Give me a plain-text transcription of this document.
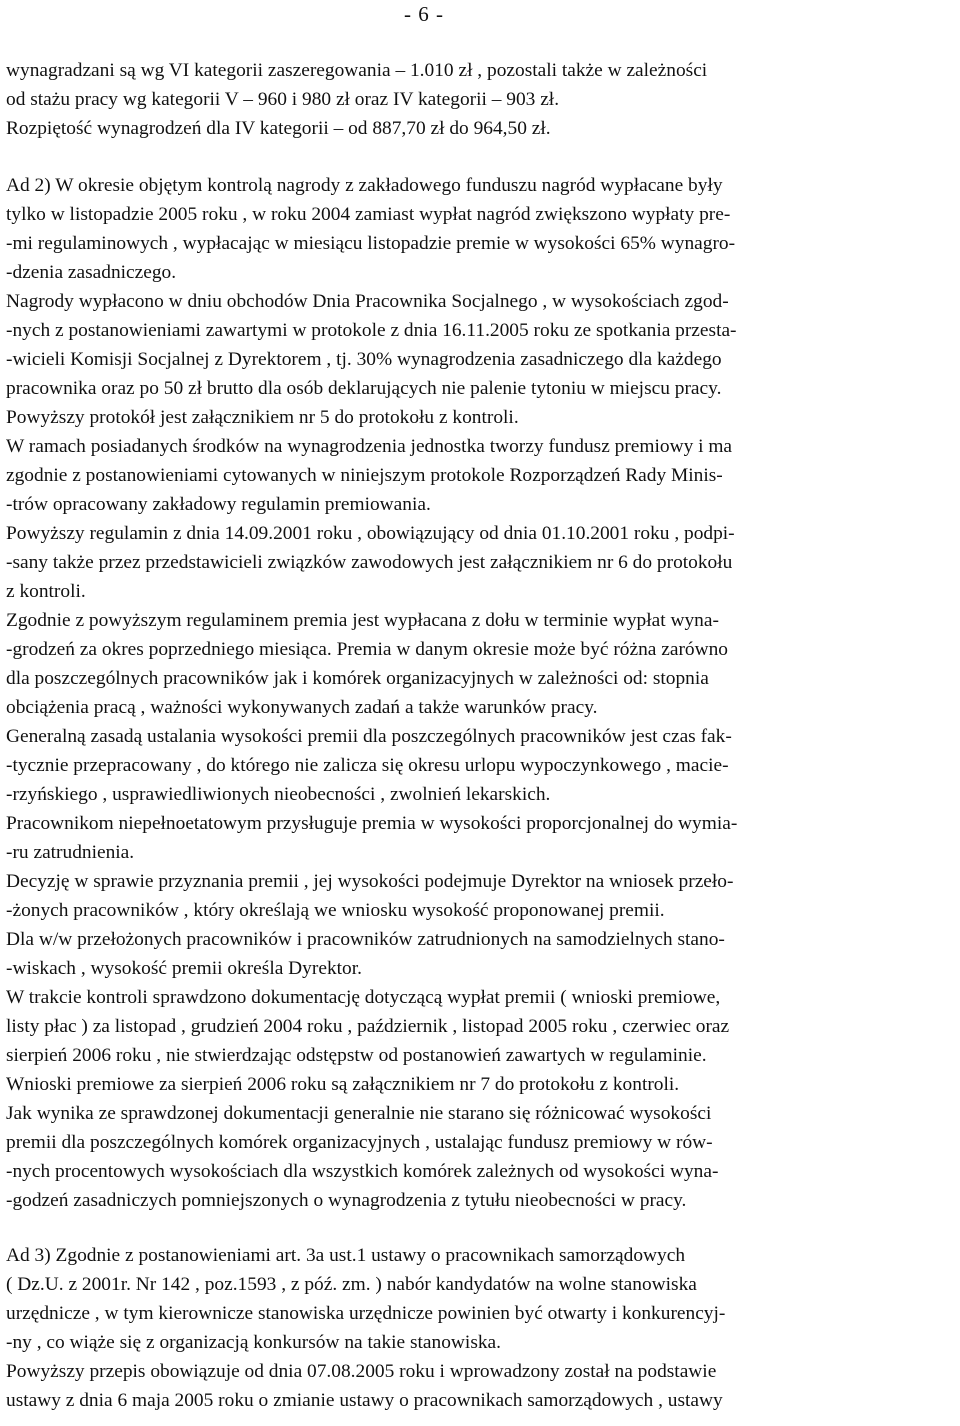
- 6 -
wynagradzani są wg VI kategorii zaszeregowania – 1.010 zł , pozostali także w zależności
od stażu pracy wg kategorii V – 960 i 980 zł oraz IV kategorii – 903 zł.
Rozpiętość wynagrodzeń dla IV kategorii – od 887,70 zł do 964,50 zł.
Ad 2) W okresie objętym kontrolą nagrody z zakładowego funduszu nagród wypłacane były
tylko w listopadzie 2005 roku , w roku 2004 zamiast wypłat nagród zwiększono wypłaty pre-
-mi regulaminowych , wypłacając w miesiącu listopadzie premie w wysokości 65% wynagro-
-dzenia zasadniczego.
Nagrody wypłacono w dniu obchodów Dnia Pracownika Socjalnego , w wysokościach zgod-
-nych z postanowieniami zawartymi w protokole z dnia 16.11.2005 roku ze spotkania przesta-
-wicieli Komisji Socjalnej z Dyrektorem , tj. 30% wynagrodzenia zasadniczego dla każdego
pracownika oraz po 50 zł brutto dla osób deklarujących nie palenie tytoniu w miejscu pracy.
Powyższy protokół jest załącznikiem nr 5 do protokołu z kontroli.
W ramach posiadanych środków na wynagrodzenia jednostka tworzy fundusz premiowy i ma
zgodnie z postanowieniami cytowanych w niniejszym protokole Rozporządzeń Rady Minis-
-trów opracowany zakładowy regulamin premiowania.
Powyższy regulamin z dnia 14.09.2001 roku , obowiązujący od dnia 01.10.2001 roku , podpi-
-sany także przez przedstawicieli związków zawodowych jest załącznikiem nr 6 do protokołu
z kontroli.
Zgodnie z powyższym regulaminem premia jest wypłacana z dołu w terminie wypłat wyna-
-grodzeń za okres poprzedniego miesiąca. Premia w danym okresie może być różna zarówno
dla poszczególnych pracowników jak i komórek organizacyjnych w zależności od: stopnia
obciążenia pracą , ważności wykonywanych zadań a także warunków pracy.
Generalną zasadą ustalania wysokości premii dla poszczególnych pracowników jest czas fak-
-tycznie przepracowany , do którego nie zalicza się okresu urlopu wypoczynkowego , macie-
-rzyńskiego , usprawiedliwionych nieobecności , zwolnień lekarskich.
Pracownikom niepełnoetatowym przysługuje premia w wysokości proporcjonalnej do wymia-
-ru zatrudnienia.
Decyzję w sprawie przyznania premii , jej wysokości podejmuje Dyrektor na wniosek przeło-
-żonych pracowników , który określają we wniosku wysokość proponowanej premii.
Dla w/w przełożonych pracowników i pracowników zatrudnionych na samodzielnych stano-
-wiskach , wysokość premii określa Dyrektor.
W trakcie kontroli sprawdzono dokumentację dotyczącą wypłat premii ( wnioski premiowe,
listy płac ) za listopad , grudzień 2004 roku , październik , listopad 2005 roku , czerwiec oraz
sierpień 2006 roku , nie stwierdzając odstępstw od postanowień zawartych w regulaminie.
Wnioski premiowe za sierpień 2006 roku są załącznikiem nr 7 do protokołu z kontroli.
Jak wynika ze sprawdzonej dokumentacji generalnie nie starano się różnicować wysokości
premii dla poszczególnych komórek organizacyjnych , ustalając fundusz premiowy w rów-
-nych procentowych wysokościach dla wszystkich komórek zależnych od wysokości wyna-
-godzeń zasadniczych pomniejszonych o wynagrodzenia z tytułu nieobecności w pracy.
Ad 3) Zgodnie z postanowieniami art. 3a ust.1 ustawy o pracownikach samorządowych
( Dz.U. z 2001r. Nr 142 , poz.1593 , z póź. zm. ) nabór kandydatów na wolne stanowiska
urzędnicze , w tym kierownicze stanowiska urzędnicze powinien być otwarty i konkurencyj-
-ny , co wiąże się z organizacją konkursów na takie stanowiska.
Powyższy przepis obowiązuje od dnia 07.08.2005 roku i wprowadzony został na podstawie
ustawy z dnia 6 maja 2005 roku o zmianie ustawy o pracownikach samorządowych , ustawy
